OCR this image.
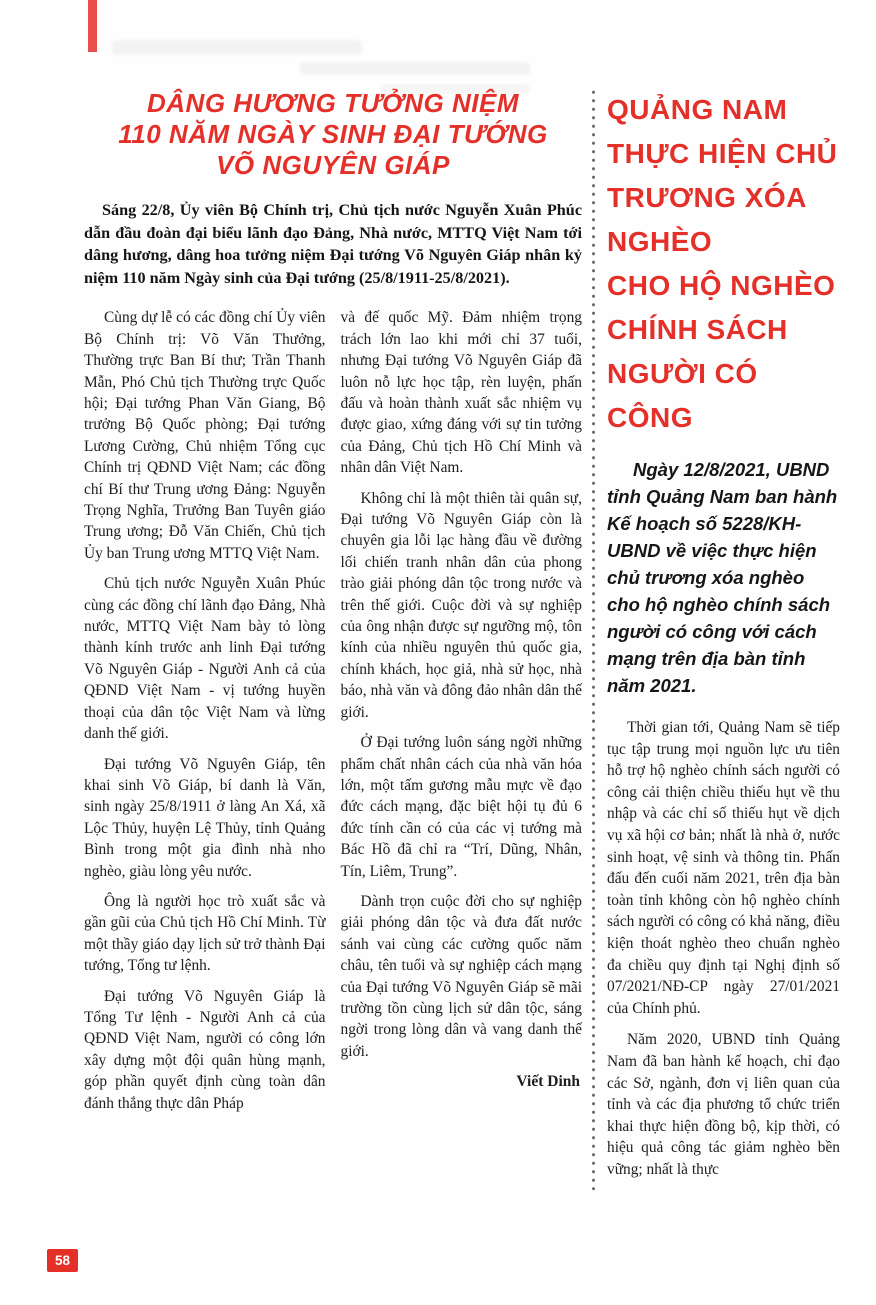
DÂNG HƯƠNG TƯỞNG NIỆM
110 NĂM NGÀY SINH ĐẠI TƯỚNG
VÕ NGUYÊN GIÁP

Sáng 22/8, Ủy viên Bộ Chính trị, Chủ tịch nước Nguyễn Xuân Phúc dẫn đầu đoàn đại biểu lãnh đạo Đảng, Nhà nước, MTTQ Việt Nam tới dâng hương, dâng hoa tưởng niệm Đại tướng Võ Nguyên Giáp nhân kỷ niệm 110 năm Ngày sinh của Đại tướng (25/8/1911-25/8/2021).

Cùng dự lễ có các đồng chí Ủy viên Bộ Chính trị: Võ Văn Thưởng, Thường trực Ban Bí thư; Trần Thanh Mẫn, Phó Chủ tịch Thường trực Quốc hội; Đại tướng Phan Văn Giang, Bộ trưởng Bộ Quốc phòng; Đại tướng Lương Cường, Chủ nhiệm Tổng cục Chính trị QĐND Việt Nam; các đồng chí Bí thư Trung ương Đảng: Nguyễn Trọng Nghĩa, Trưởng Ban Tuyên giáo Trung ương; Đỗ Văn Chiến, Chủ tịch Ủy ban Trung ương MTTQ Việt Nam.

Chủ tịch nước Nguyễn Xuân Phúc cùng các đồng chí lãnh đạo Đảng, Nhà nước, MTTQ Việt Nam bày tỏ lòng thành kính trước anh linh Đại tướng Võ Nguyên Giáp - Người Anh cả của QĐND Việt Nam - vị tướng huyền thoại của dân tộc Việt Nam và lừng danh thế giới.

Đại tướng Võ Nguyên Giáp, tên khai sinh Võ Giáp, bí danh là Văn, sinh ngày 25/8/1911 ở làng An Xá, xã Lộc Thủy, huyện Lệ Thủy, tỉnh Quảng Bình trong một gia đình nhà nho nghèo, giàu lòng yêu nước.

Ông là người học trò xuất sắc và gần gũi của Chủ tịch Hồ Chí Minh. Từ một thầy giáo dạy lịch sử trở thành Đại tướng, Tổng tư lệnh.

Đại tướng Võ Nguyên Giáp là Tổng Tư lệnh - Người Anh cả của QĐND Việt Nam, người có công lớn xây dựng một đội quân hùng mạnh, góp phần quyết định cùng toàn dân đánh thắng thực dân Pháp

và đế quốc Mỹ. Đảm nhiệm trọng trách lớn lao khi mới chỉ 37 tuổi, nhưng Đại tướng Võ Nguyên Giáp đã luôn nỗ lực học tập, rèn luyện, phấn đấu và hoàn thành xuất sắc nhiệm vụ được giao, xứng đáng với sự tin tưởng của Đảng, Chủ tịch Hồ Chí Minh và nhân dân Việt Nam.

Không chỉ là một thiên tài quân sự, Đại tướng Võ Nguyên Giáp còn là chuyên gia lỗi lạc hàng đầu về đường lối chiến tranh nhân dân của phong trào giải phóng dân tộc trong nước và trên thế giới. Cuộc đời và sự nghiệp của ông nhận được sự ngưỡng mộ, tôn kính của nhiều nguyên thủ quốc gia, chính khách, học giả, nhà sử học, nhà báo, nhà văn và đông đảo nhân dân thế giới.

Ở Đại tướng luôn sáng ngời những phẩm chất nhân cách của nhà văn hóa lớn, một tấm gương mẫu mực về đạo đức cách mạng, đặc biệt hội tụ đủ 6 đức tính cần có của các vị tướng mà Bác Hồ đã chỉ ra “Trí, Dũng, Nhân, Tín, Liêm, Trung”.

Dành trọn cuộc đời cho sự nghiệp giải phóng dân tộc và đưa đất nước sánh vai cùng các cường quốc năm châu, tên tuổi và sự nghiệp cách mạng của Đại tướng Võ Nguyên Giáp sẽ mãi trường tồn cùng lịch sử dân tộc, sáng ngời trong lòng dân và vang danh thế giới.

Viết Dinh
QUẢNG NAM
THỰC HIỆN CHỦ
TRƯƠNG XÓA
NGHÈO
CHO HỘ NGHÈO
CHÍNH SÁCH
NGƯỜI CÓ
CÔNG

Ngày 12/8/2021, UBND tỉnh Quảng Nam ban hành Kế hoạch số 5228/KH-UBND về việc thực hiện chủ trương xóa nghèo cho hộ nghèo chính sách người có công với cách mạng trên địa bàn tỉnh năm 2021.

Thời gian tới, Quảng Nam sẽ tiếp tục tập trung mọi nguồn lực ưu tiên hỗ trợ hộ nghèo chính sách người có công cải thiện chiều thiếu hụt về thu nhập và các chỉ số thiếu hụt về dịch vụ xã hội cơ bản; nhất là nhà ở, nước sinh hoạt, vệ sinh và thông tin. Phấn đấu đến cuối năm 2021, trên địa bàn toàn tỉnh không còn hộ nghèo chính sách người có công có khả năng, điều kiện thoát nghèo theo chuẩn nghèo đa chiều quy định tại Nghị định số 07/2021/NĐ-CP ngày 27/01/2021 của Chính phủ.

Năm 2020, UBND tỉnh Quảng Nam đã ban hành kế hoạch, chỉ đạo các Sở, ngành, đơn vị liên quan của tỉnh và các địa phương tổ chức triển khai thực hiện đồng bộ, kịp thời, có hiệu quả công tác giảm nghèo bền vững; nhất là thực

58
